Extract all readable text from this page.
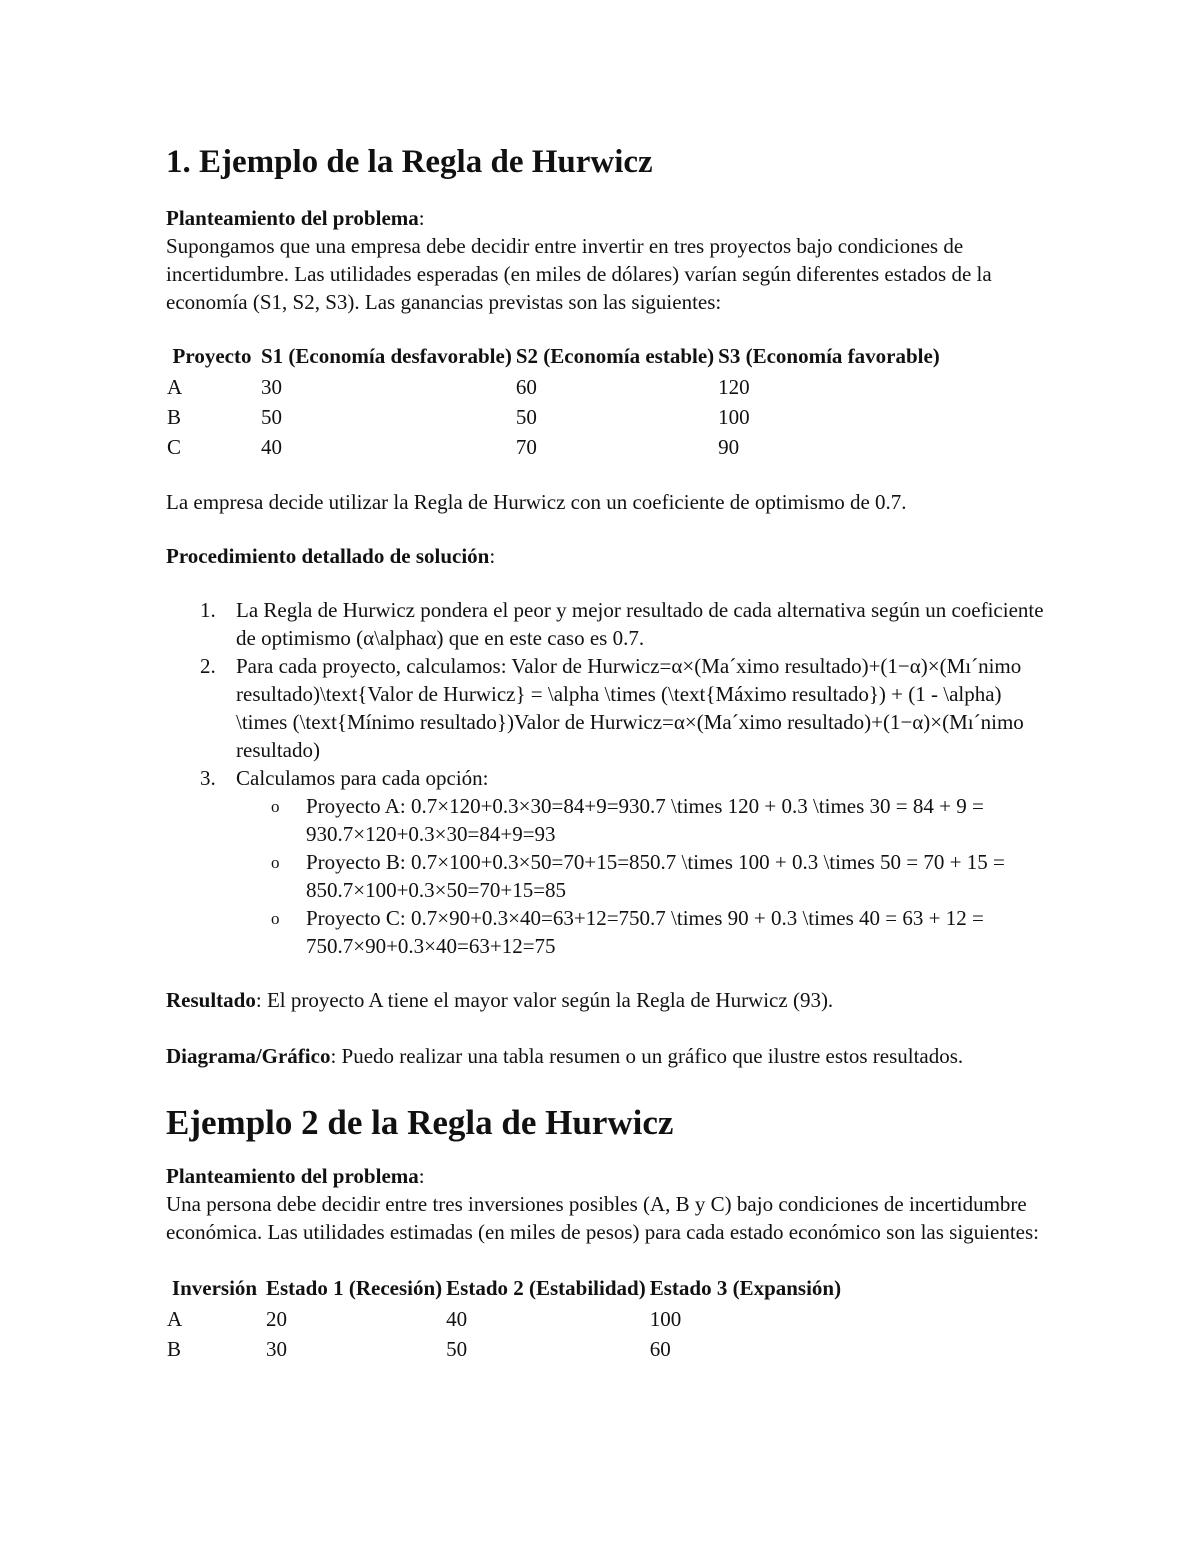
1. Ejemplo de la Regla de Hurwicz

Planteamiento del problema:

Supongamos que una empresa debe decidir entre invertir en tres proyectos bajo condiciones de incertidumbre. Las utilidades esperadas (en miles de dólares) varían según diferentes estados de la economía (S1, S2, S3). Las ganancias previstas son las siguientes:

Proyecto	S1 (Economía desfavorable)	S2 (Economía estable)	S3 (Economía favorable)
A	30	60	120
B	50	50	100
C	40	70	90

La empresa decide utilizar la Regla de Hurwicz con un coeficiente de optimismo de 0.7.

Procedimiento detallado de solución:

1. La Regla de Hurwicz pondera el peor y mejor resultado de cada alternativa según un coeficiente de optimismo (α\alphaα) que en este caso es 0.7.
2. Para cada proyecto, calculamos: Valor de Hurwicz=α×(Ma´ximo resultado)+(1−α)×(Mı´nimo resultado)\text{Valor de Hurwicz} = \alpha \times (\text{Máximo resultado}) + (1 - \alpha) \times (\text{Mínimo resultado})Valor de Hurwicz=α×(Ma´ximo resultado)+(1−α)×(Mı´nimo resultado)
3. Calculamos para cada opción:
o Proyecto A: 0.7×120+0.3×30=84+9=930.7 \times 120 + 0.3 \times 30 = 84 + 9 = 930.7×120+0.3×30=84+9=93
o Proyecto B: 0.7×100+0.3×50=70+15=850.7 \times 100 + 0.3 \times 50 = 70 + 15 = 850.7×100+0.3×50=70+15=85
o Proyecto C: 0.7×90+0.3×40=63+12=750.7 \times 90 + 0.3 \times 40 = 63 + 12 = 750.7×90+0.3×40=63+12=75

Resultado: El proyecto A tiene el mayor valor según la Regla de Hurwicz (93).

Diagrama/Gráfico: Puedo realizar una tabla resumen o un gráfico que ilustre estos resultados.

Ejemplo 2 de la Regla de Hurwicz

Planteamiento del problema:

Una persona debe decidir entre tres inversiones posibles (A, B y C) bajo condiciones de incertidumbre económica. Las utilidades estimadas (en miles de pesos) para cada estado económico son las siguientes:

Inversión	Estado 1 (Recesión)	Estado 2 (Estabilidad)	Estado 3 (Expansión)
A	20	40	100
B	30	50	60
